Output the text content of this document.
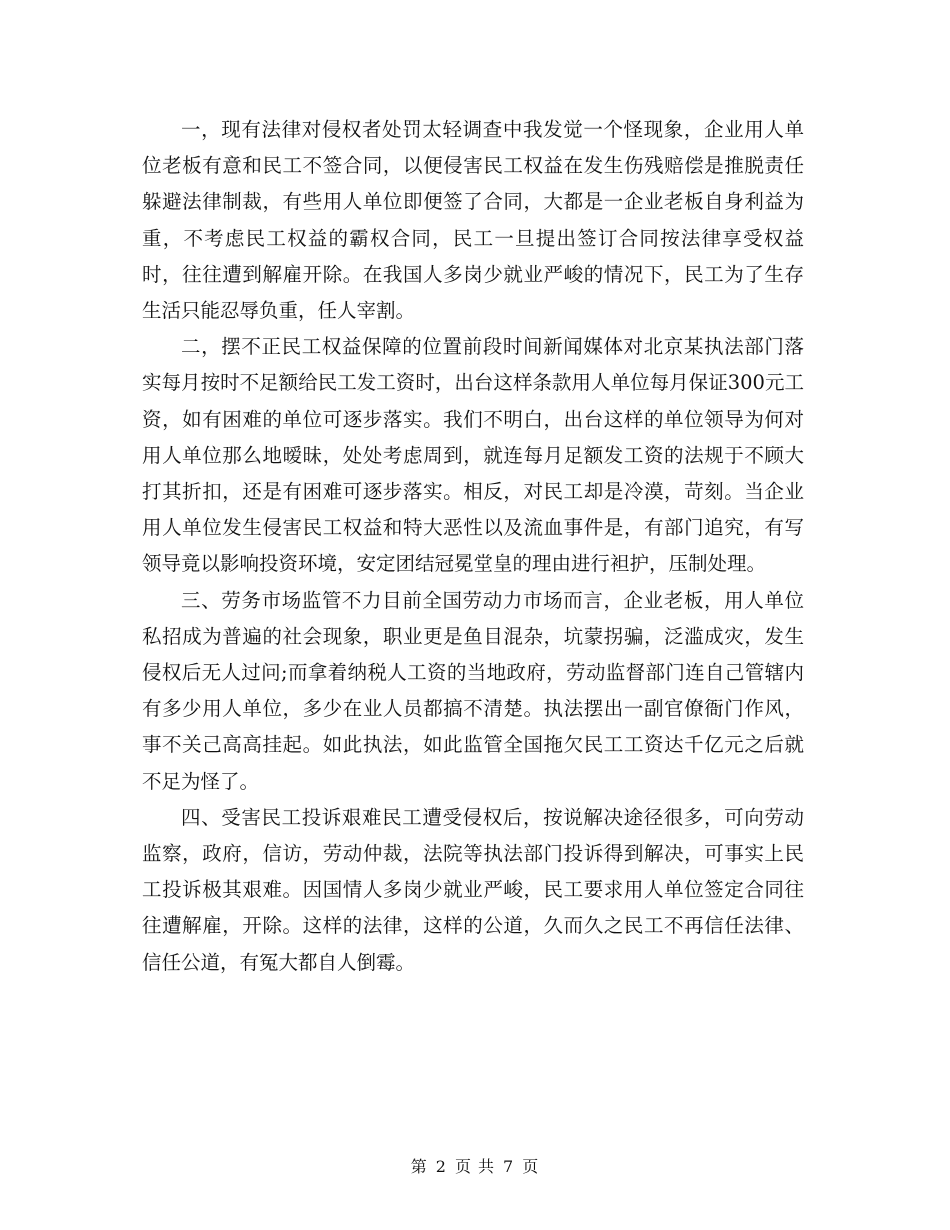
一，现有法律对侵权者处罚太轻调查中我发觉一个怪现象，企业用人单位老板有意和民工不签合同，以便侵害民工权益在发生伤残赔偿是推脱责任躲避法律制裁，有些用人单位即便签了合同，大都是一企业老板自身利益为重，不考虑民工权益的霸权合同，民工一旦提出签订合同按法律享受权益时，往往遭到解雇开除。在我国人多岗少就业严峻的情况下，民工为了生存生活只能忍辱负重，任人宰割。

二，摆不正民工权益保障的位置前段时间新闻媒体对北京某执法部门落实每月按时不足额给民工发工资时，出台这样条款用人单位每月保证300元工资，如有困难的单位可逐步落实。我们不明白，出台这样的单位领导为何对用人单位那么地暧昧，处处考虑周到，就连每月足额发工资的法规于不顾大打其折扣，还是有困难可逐步落实。相反，对民工却是冷漠，苛刻。当企业用人单位发生侵害民工权益和特大恶性以及流血事件是，有部门追究，有写领导竟以影响投资环境，安定团结冠冕堂皇的理由进行袒护，压制处理。

三、劳务市场监管不力目前全国劳动力市场而言，企业老板，用人单位私招成为普遍的社会现象，职业更是鱼目混杂，坑蒙拐骗，泛滥成灾，发生侵权后无人过问;而拿着纳税人工资的当地政府，劳动监督部门连自己管辖内有多少用人单位，多少在业人员都搞不清楚。执法摆出一副官僚衙门作风，事不关己高高挂起。如此执法，如此监管全国拖欠民工工资达千亿元之后就不足为怪了。

四、受害民工投诉艰难民工遭受侵权后，按说解决途径很多，可向劳动监察，政府，信访，劳动仲裁，法院等执法部门投诉得到解决，可事实上民工投诉极其艰难。因国情人多岗少就业严峻，民工要求用人单位签定合同往往遭解雇，开除。这样的法律，这样的公道，久而久之民工不再信任法律、信任公道，有冤大都自人倒霉。

第 2 页 共 7 页
